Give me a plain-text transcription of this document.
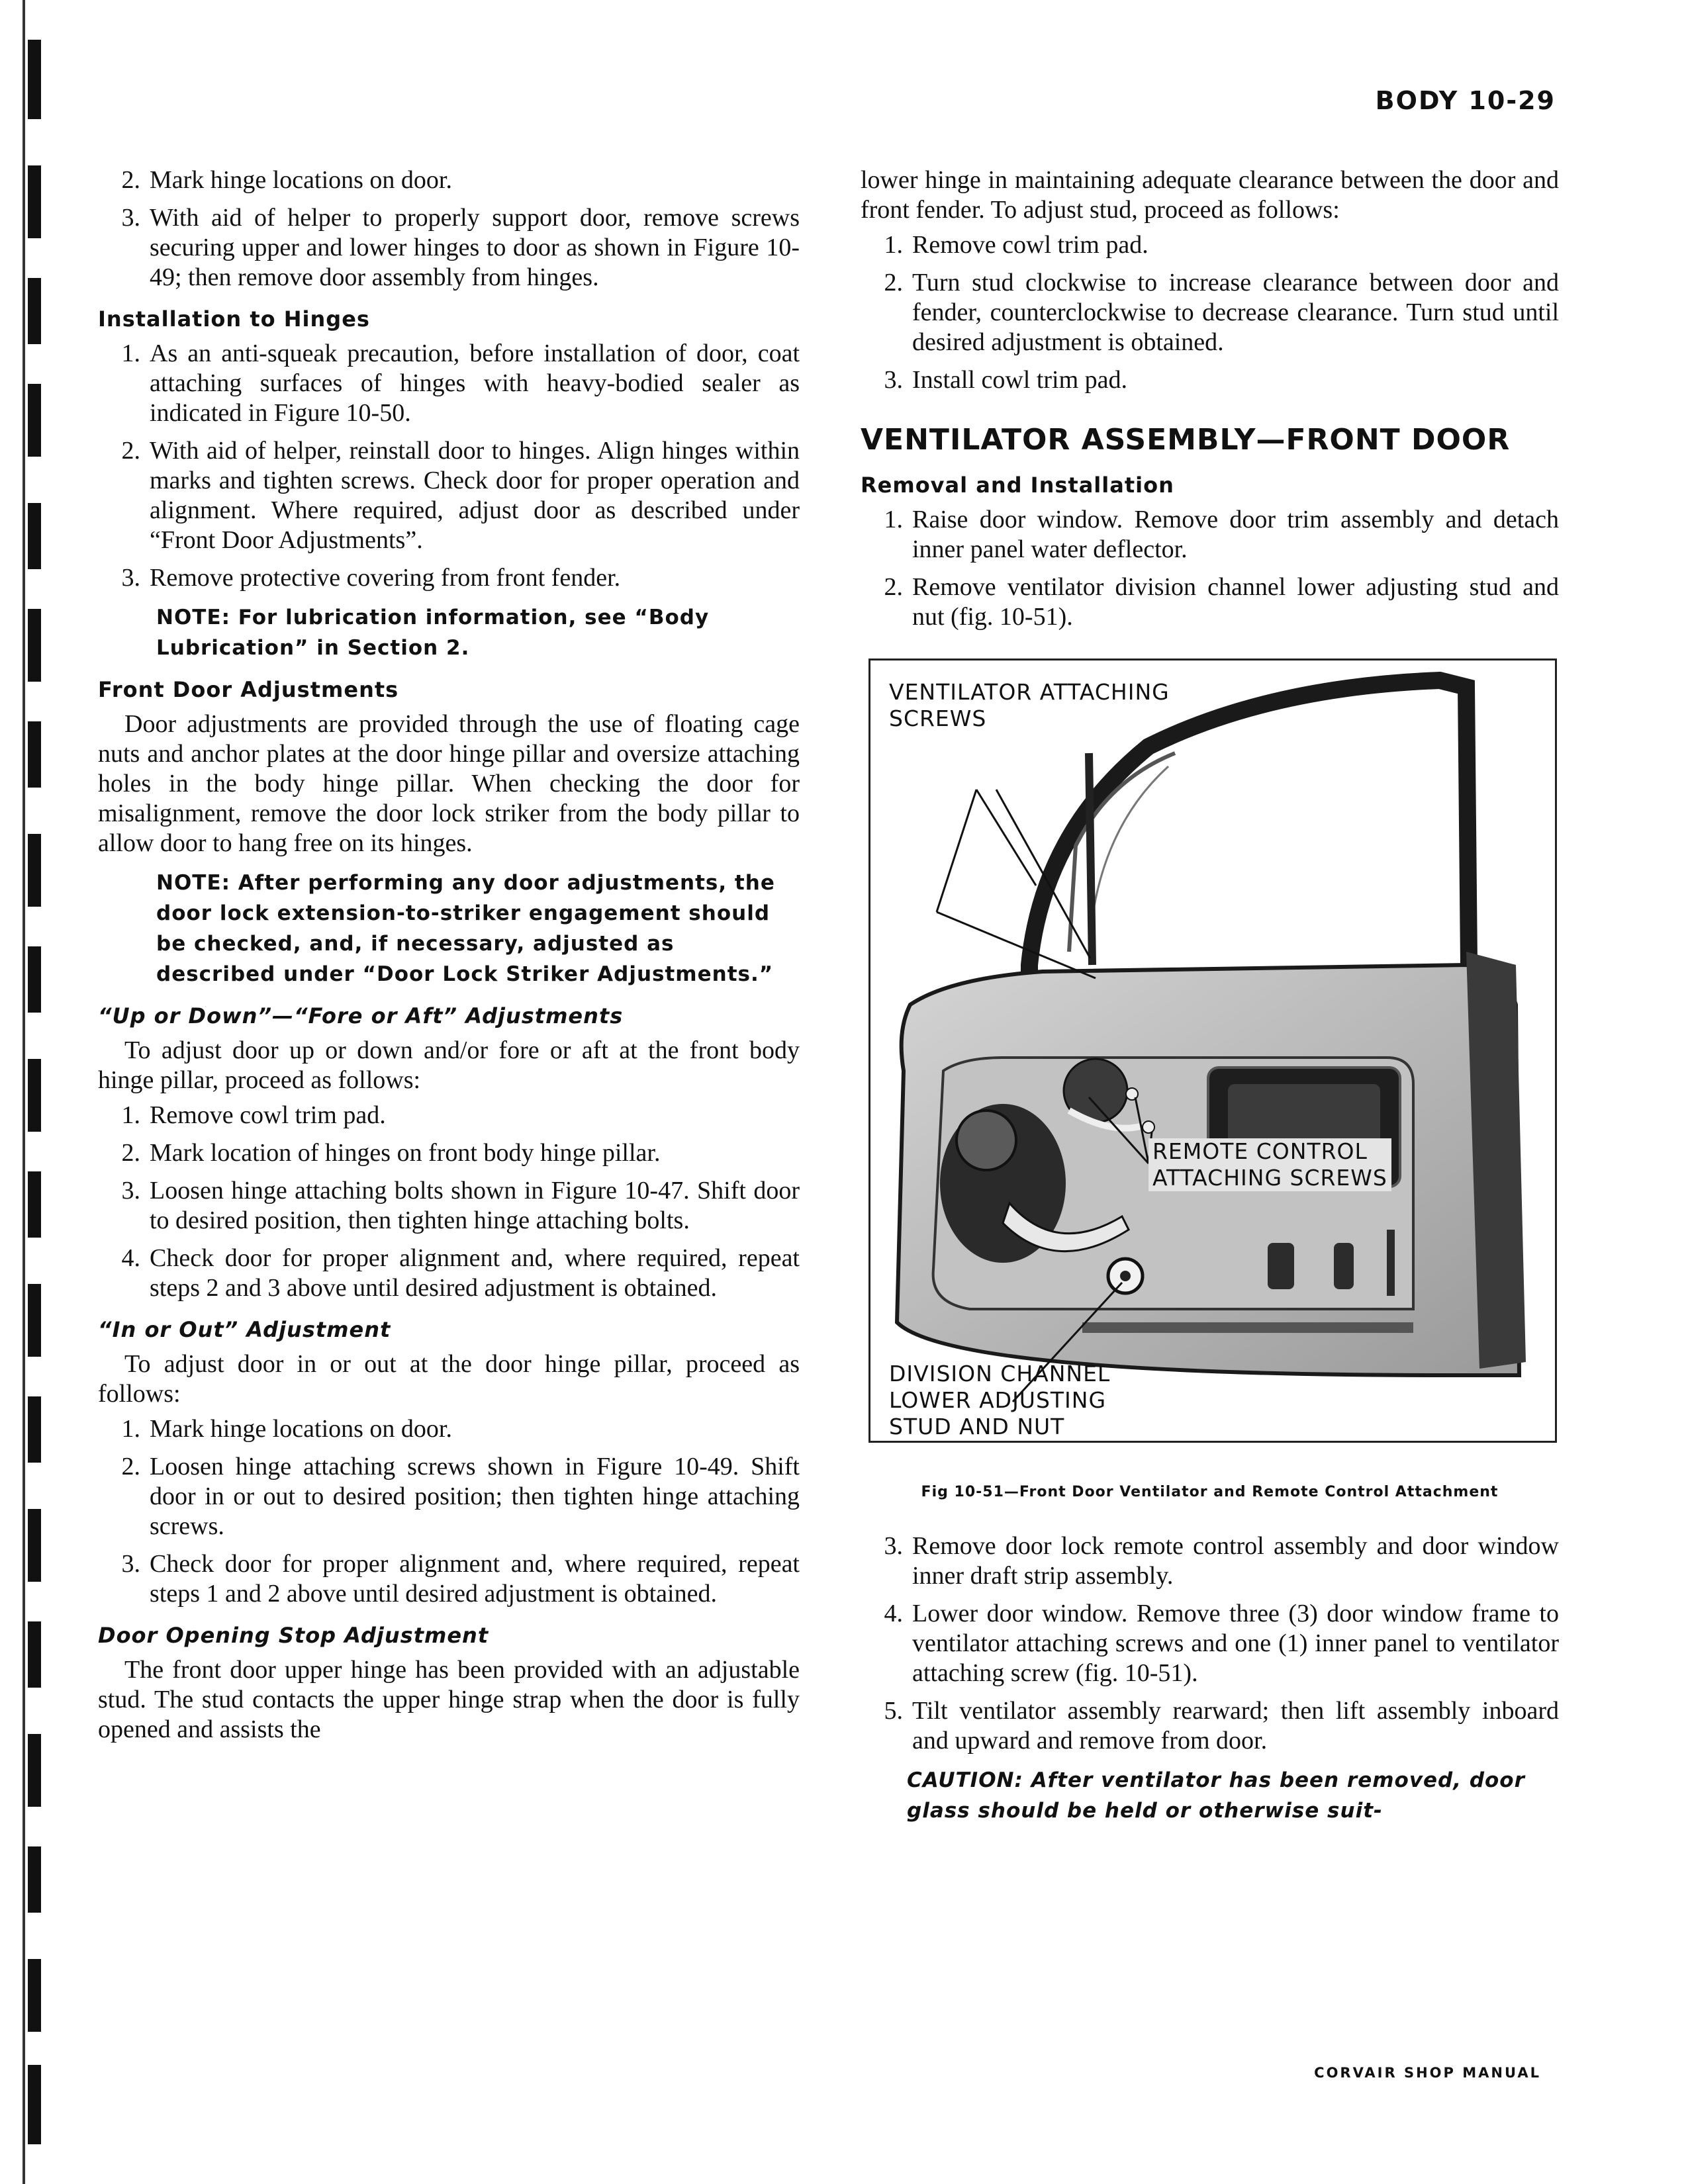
BODY 10-29
2. Mark hinge locations on door.
3. With aid of helper to properly support door, remove screws securing upper and lower hinges to door as shown in Figure 10-49; then remove door assembly from hinges.
Installation to Hinges
1. As an anti-squeak precaution, before installation of door, coat attaching surfaces of hinges with heavy-bodied sealer as indicated in Figure 10-50.
2. With aid of helper, reinstall door to hinges. Align hinges within marks and tighten screws. Check door for proper operation and alignment. Where required, adjust door as described under “Front Door Adjustments”.
3. Remove protective covering from front fender.
NOTE: For lubrication information, see “Body Lubrication” in Section 2.
Front Door Adjustments

Door adjustments are provided through the use of floating cage nuts and anchor plates at the door hinge pillar and oversize attaching holes in the body hinge pillar. When checking the door for misalignment, remove the door lock striker from the body pillar to allow door to hang free on its hinges.

NOTE: After performing any door adjustments, the door lock extension-to-striker engagement should be checked, and, if necessary, adjusted as described under “Door Lock Striker Adjustments.”
“Up or Down”—“Fore or Aft” Adjustments

To adjust door up or down and/or fore or aft at the front body hinge pillar, proceed as follows:

1. Remove cowl trim pad.
2. Mark location of hinges on front body hinge pillar.
3. Loosen hinge attaching bolts shown in Figure 10-47. Shift door to desired position, then tighten hinge attaching bolts.
4. Check door for proper alignment and, where required, repeat steps 2 and 3 above until desired adjustment is obtained.
“In or Out” Adjustment

To adjust door in or out at the door hinge pillar, proceed as follows:

1. Mark hinge locations on door.
2. Loosen hinge attaching screws shown in Figure 10-49. Shift door in or out to desired position; then tighten hinge attaching screws.
3. Check door for proper alignment and, where required, repeat steps 1 and 2 above until desired adjustment is obtained.
Door Opening Stop Adjustment

The front door upper hinge has been provided with an adjustable stud. The stud contacts the upper hinge strap when the door is fully opened and assists the

lower hinge in maintaining adequate clearance between the door and front fender. To adjust stud, proceed as follows:

1. Remove cowl trim pad.
2. Turn stud clockwise to increase clearance between door and fender, counterclockwise to decrease clearance. Turn stud until desired adjustment is obtained.
3. Install cowl trim pad.
VENTILATOR ASSEMBLY—FRONT DOOR
Removal and Installation
1. Raise door window. Remove door trim assembly and detach inner panel water deflector.
2. Remove ventilator division channel lower adjusting stud and nut (fig. 10-51).
VENTILATOR ATTACHING
SCREWS
REMOTE CONTROL
ATTACHING SCREWS
DIVISION CHANNEL
LOWER ADJUSTING
STUD AND NUT
Fig 10-51—Front Door Ventilator and Remote Control Attachment
3. Remove door lock remote control assembly and door window inner draft strip assembly.
4. Lower door window. Remove three (3) door window frame to ventilator attaching screws and one (1) inner panel to ventilator attaching screw (fig. 10-51).
5. Tilt ventilator assembly rearward; then lift assembly inboard and upward and remove from door.
CAUTION: After ventilator has been removed, door glass should be held or otherwise suit-
CORVAIR SHOP MANUAL
